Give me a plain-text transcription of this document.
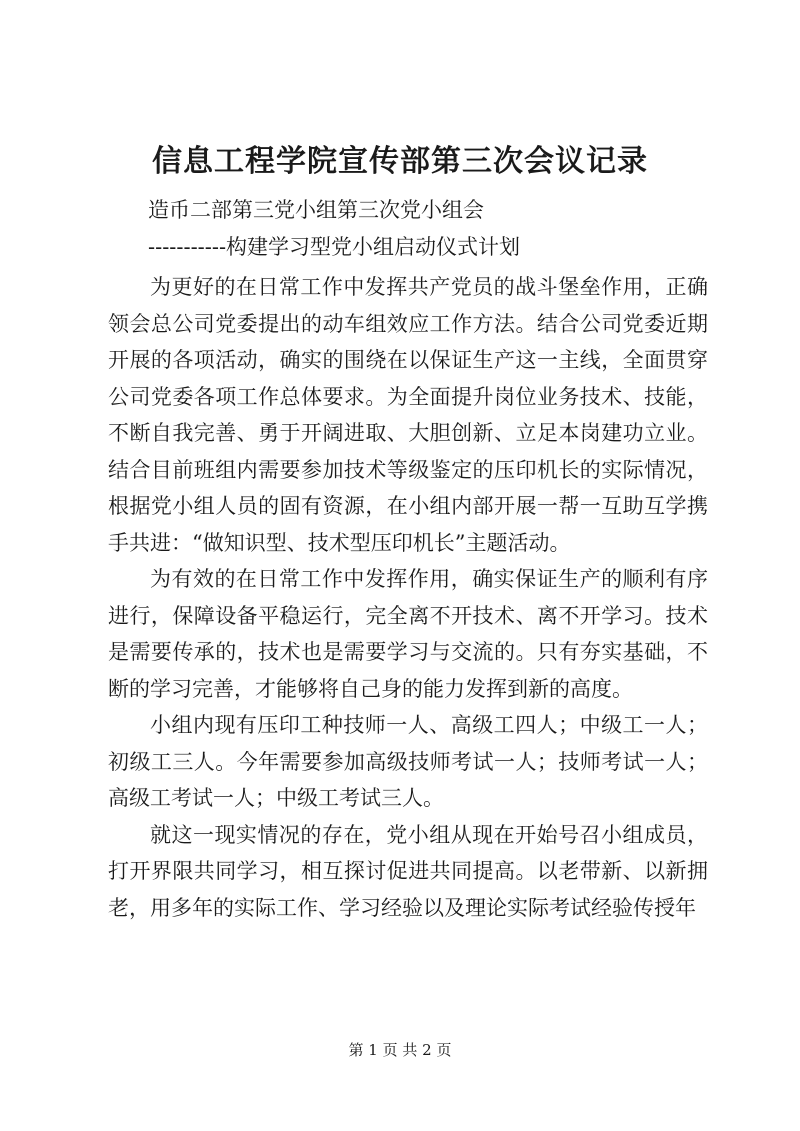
信息工程学院宣传部第三次会议记录
造币二部第三党小组第三次党小组会
-----------构建学习型党小组启动仪式计划

为更好的在日常工作中发挥共产党员的战斗堡垒作用，正确领会总公司党委提出的动车组效应工作方法。结合公司党委近期开展的各项活动，确实的围绕在以保证生产这一主线，全面贯穿公司党委各项工作总体要求。为全面提升岗位业务技术、技能，不断自我完善、勇于开阔进取、大胆创新、立足本岗建功立业。结合目前班组内需要参加技术等级鉴定的压印机长的实际情况，根据党小组人员的固有资源，在小组内部开展一帮一互助互学携手共进：“做知识型、技术型压印机长”主题活动。

为有效的在日常工作中发挥作用，确实保证生产的顺利有序进行，保障设备平稳运行，完全离不开技术、离不开学习。技术是需要传承的，技术也是需要学习与交流的。只有夯实基础，不断的学习完善，才能够将自己身的能力发挥到新的高度。

小组内现有压印工种技师一人、高级工四人；中级工一人；初级工三人。今年需要参加高级技师考试一人；技师考试一人；高级工考试一人；中级工考试三人。

就这一现实情况的存在，党小组从现在开始号召小组成员，打开界限共同学习，相互探讨促进共同提高。以老带新、以新拥老，用多年的实际工作、学习经验以及理论实际考试经验传授年

第 1 页 共 2 页
